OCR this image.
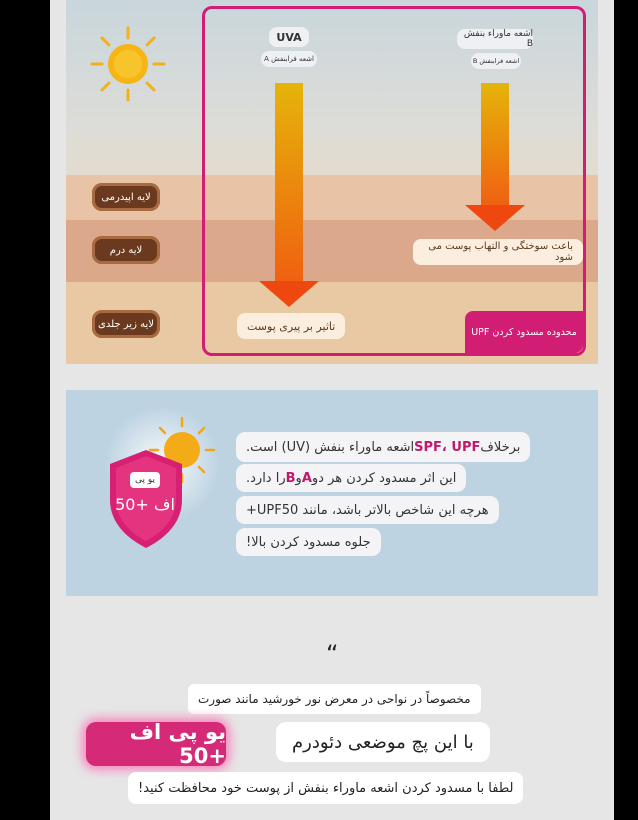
لایه اپیدرمی
لایه درم
لایه زیر جلدی
UVA
اشعه فرابنفش A
تاثیر بر پیری پوست
اشعه ماوراء بنفش B
اشعه فرابنفش B
باعث سوختگی و التهاب پوست می شود
محدوده مسدود کردن UPF
یو پی
اف +50
برخلاف
SPF، UPF
اشعه ماوراء بنفش (UV) است.
این اثر مسدود کردن هر دو
A
و
B
را دارد.
هرچه این شاخص بالاتر باشد، مانند UPF50+
جلوه مسدود کردن بالا!
“
مخصوصاً در نواحی در معرض نور خورشید مانند صورت
یو پی اف +50
با این پچ موضعی دئودرم
لطفا با مسدود کردن اشعه ماوراء بنفش از پوست خود محافظت کنید!
